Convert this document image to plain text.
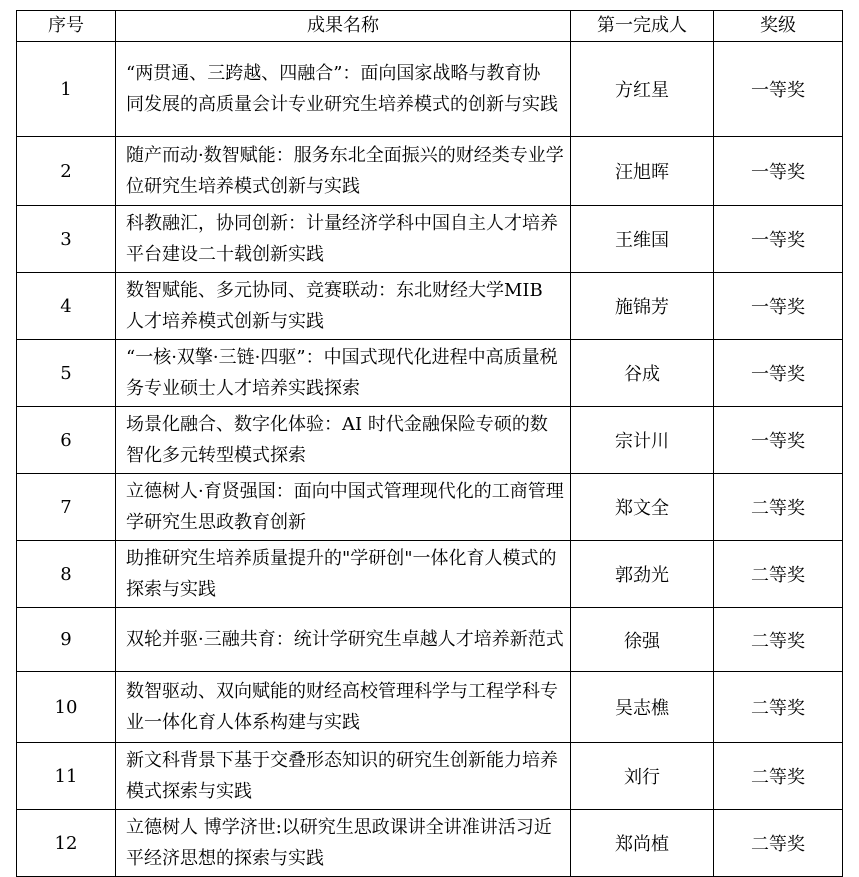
序号	成果名称	第一完成人	奖级
1	“两贯通、三跨越、四融合”：面向国家战略与教育协 同发展的高质量会计专业研究生培养模式的创新与实践	方红星	一等奖
2	随产而动·数智赋能：服务东北全面振兴的财经类专业学位研究生培养模式创新与实践	汪旭晖	一等奖
3	科教融汇，协同创新：计量经济学科中国自主人才培养平台建设二十载创新实践	王维国	一等奖
4	数智赋能、多元协同、竞赛联动：东北财经大学MIB 人才培养模式创新与实践	施锦芳	一等奖
5	“一核·双擎·三链·四驱”：中国式现代化进程中高质量税务专业硕士人才培养实践探索	谷成	一等奖
6	场景化融合、数字化体验：AI 时代金融保险专硕的数智化多元转型模式探索	宗计川	一等奖
7	立德树人·育贤强国：面向中国式管理现代化的工商管理学研究生思政教育创新	郑文全	二等奖
8	助推研究生培养质量提升的"学研创"一体化育人模式的探索与实践	郭劲光	二等奖
9	双轮并驱·三融共育：统计学研究生卓越人才培养新范式	徐强	二等奖
10	数智驱动、双向赋能的财经高校管理科学与工程学科专业一体化育人体系构建与实践	吴志樵	二等奖
11	新文科背景下基于交叠形态知识的研究生创新能力培养模式探索与实践	刘行	二等奖
12	立德树人 博学济世:以研究生思政课讲全讲准讲活习近平经济思想的探索与实践	郑尚植	二等奖
